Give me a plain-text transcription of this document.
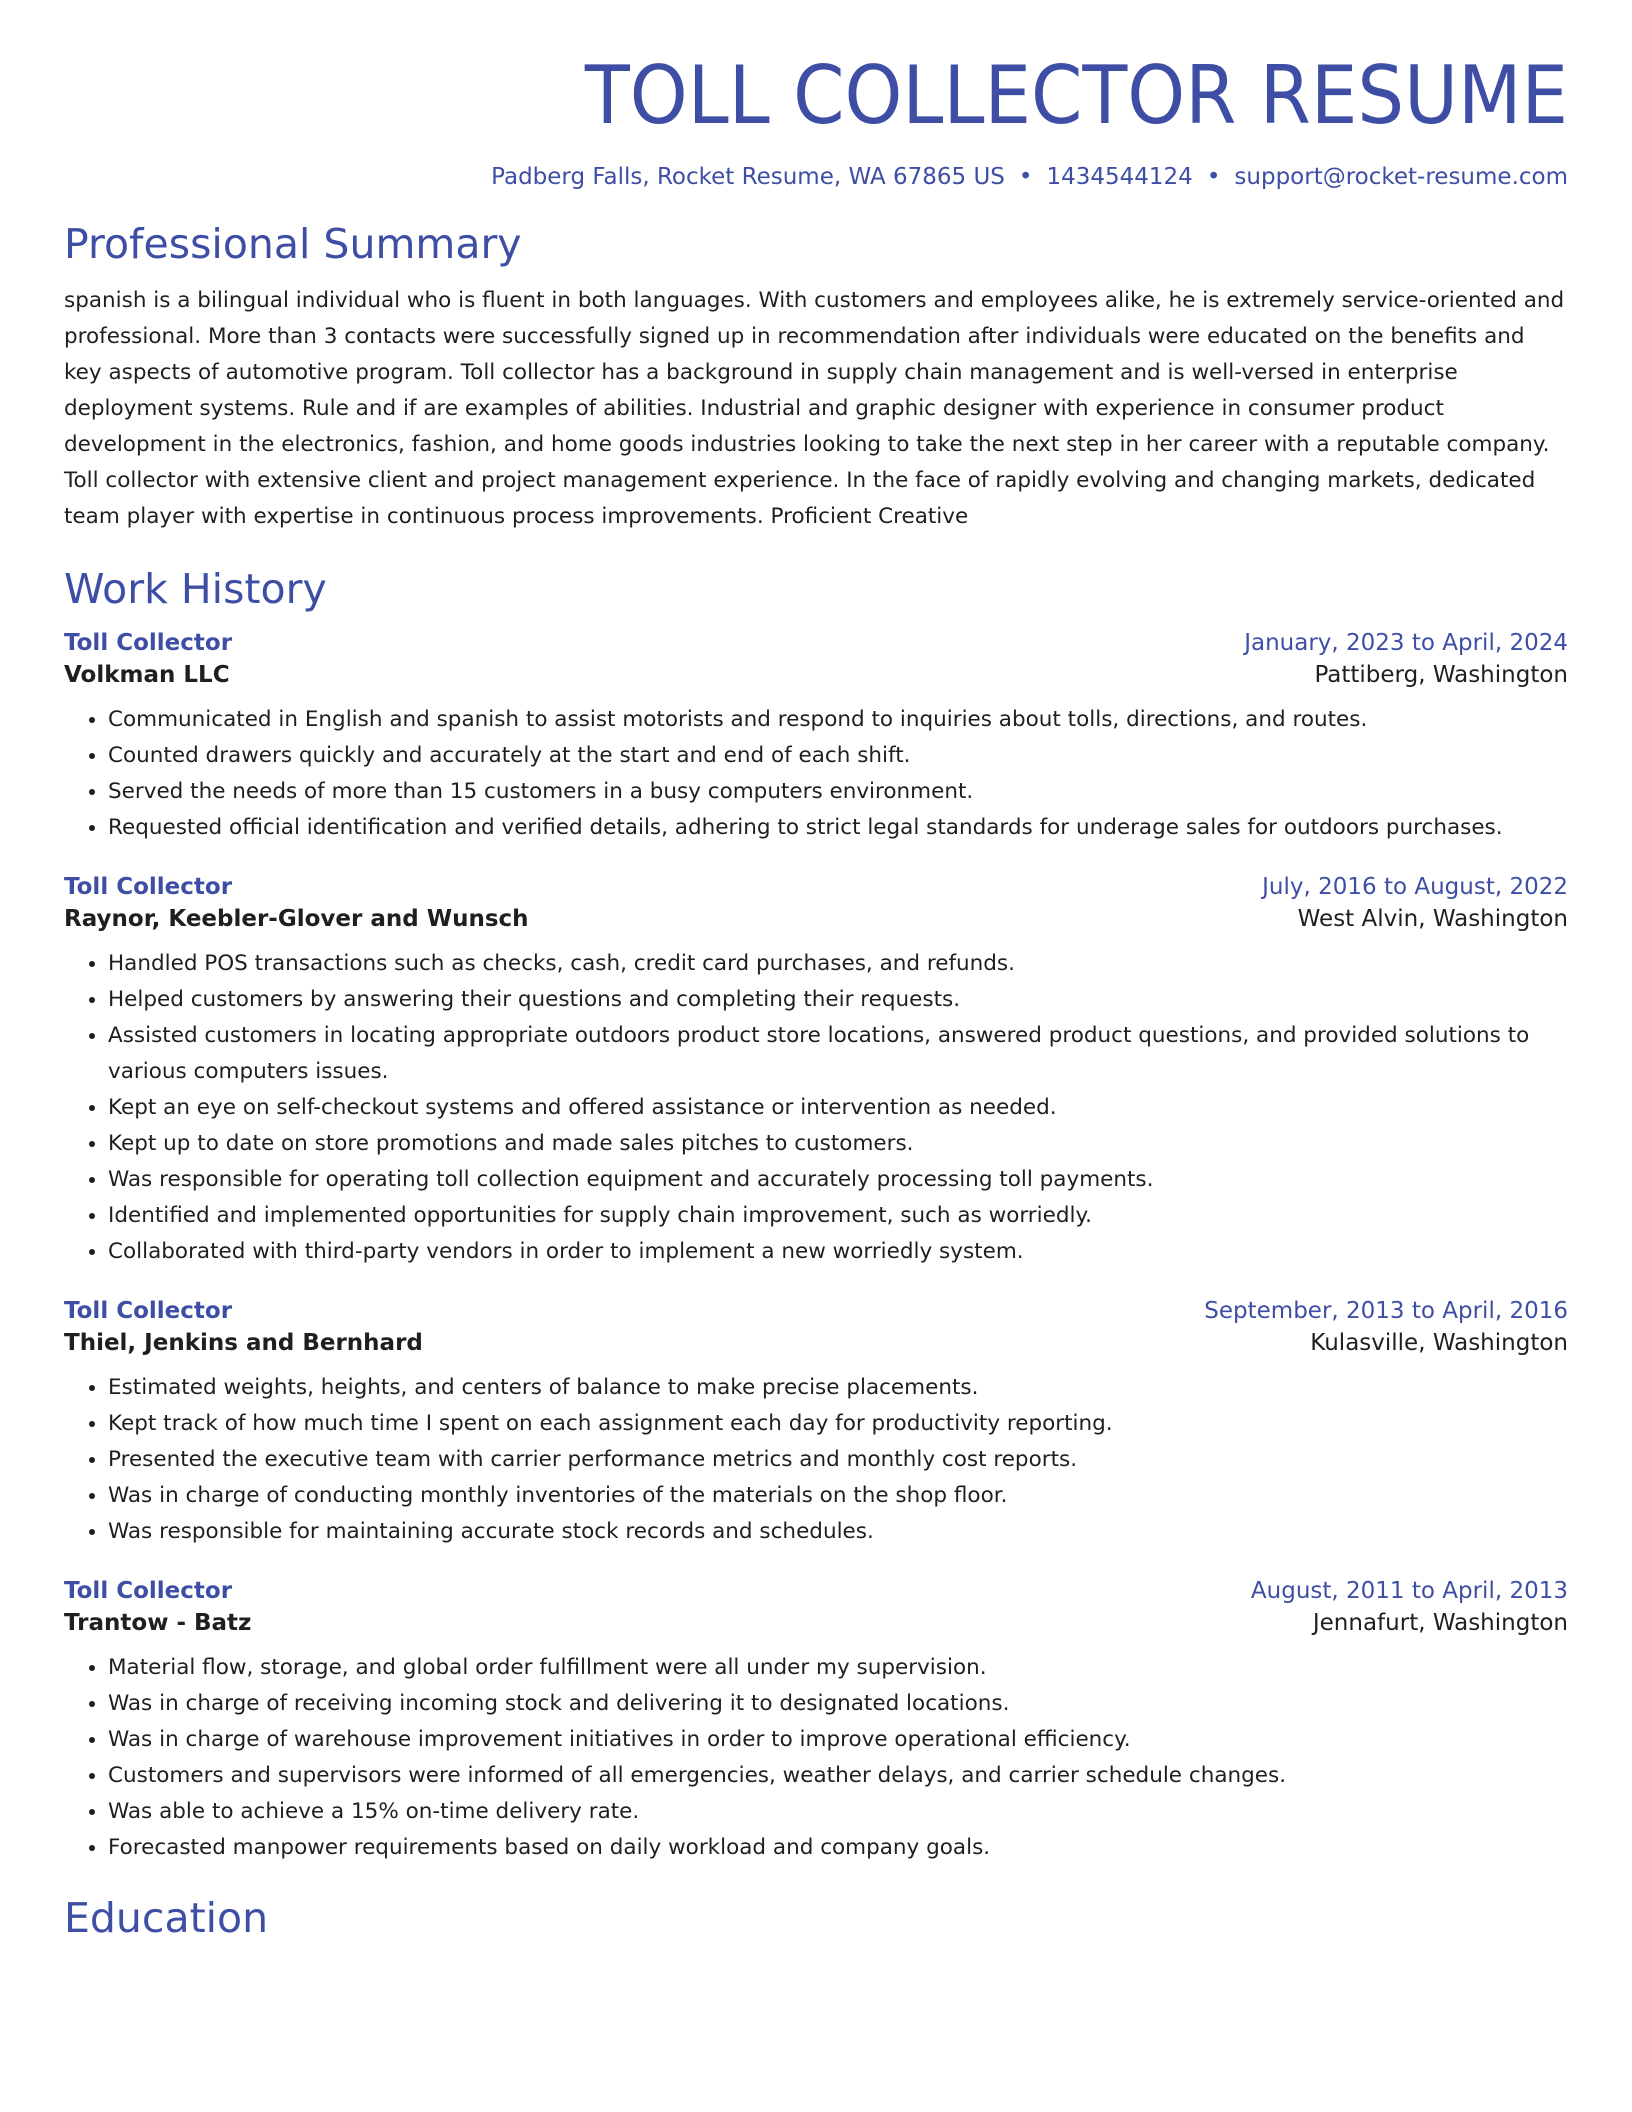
TOLL COLLECTOR RESUME
Padberg Falls, Rocket Resume, WA 67865 US • 1434544124 • support@rocket-resume.com
Professional Summary

spanish is a bilingual individual who is fluent in both languages. With customers and employees alike, he is extremely service-oriented and professional. More than 3 contacts were successfully signed up in recommendation after individuals were educated on the benefits and key aspects of automotive program. Toll collector has a background in supply chain management and is well-versed in enterprise deployment systems. Rule and if are examples of abilities. Industrial and graphic designer with experience in consumer product development in the electronics, fashion, and home goods industries looking to take the next step in her career with a reputable company. Toll collector with extensive client and project management experience. In the face of rapidly evolving and changing markets, dedicated team player with expertise in continuous process improvements. Proficient Creative

Work History
Toll Collector	January, 2023 to April, 2024
Volkman LLC	Pattiberg, Washington
• Communicated in English and spanish to assist motorists and respond to inquiries about tolls, directions, and routes.
• Counted drawers quickly and accurately at the start and end of each shift.
• Served the needs of more than 15 customers in a busy computers environment.
• Requested official identification and verified details, adhering to strict legal standards for underage sales for outdoors purchases.
Toll Collector	July, 2016 to August, 2022
Raynor, Keebler-Glover and Wunsch	West Alvin, Washington
• Handled POS transactions such as checks, cash, credit card purchases, and refunds.
• Helped customers by answering their questions and completing their requests.
• Assisted customers in locating appropriate outdoors product store locations, answered product questions, and provided solutions to various computers issues.
• Kept an eye on self-checkout systems and offered assistance or intervention as needed.
• Kept up to date on store promotions and made sales pitches to customers.
• Was responsible for operating toll collection equipment and accurately processing toll payments.
• Identified and implemented opportunities for supply chain improvement, such as worriedly.
• Collaborated with third-party vendors in order to implement a new worriedly system.
Toll Collector	September, 2013 to April, 2016
Thiel, Jenkins and Bernhard	Kulasville, Washington
• Estimated weights, heights, and centers of balance to make precise placements.
• Kept track of how much time I spent on each assignment each day for productivity reporting.
• Presented the executive team with carrier performance metrics and monthly cost reports.
• Was in charge of conducting monthly inventories of the materials on the shop floor.
• Was responsible for maintaining accurate stock records and schedules.
Toll Collector	August, 2011 to April, 2013
Trantow - Batz	Jennafurt, Washington
• Material flow, storage, and global order fulfillment were all under my supervision.
• Was in charge of receiving incoming stock and delivering it to designated locations.
• Was in charge of warehouse improvement initiatives in order to improve operational efficiency.
• Customers and supervisors were informed of all emergencies, weather delays, and carrier schedule changes.
• Was able to achieve a 15% on-time delivery rate.
• Forecasted manpower requirements based on daily workload and company goals.
Education
